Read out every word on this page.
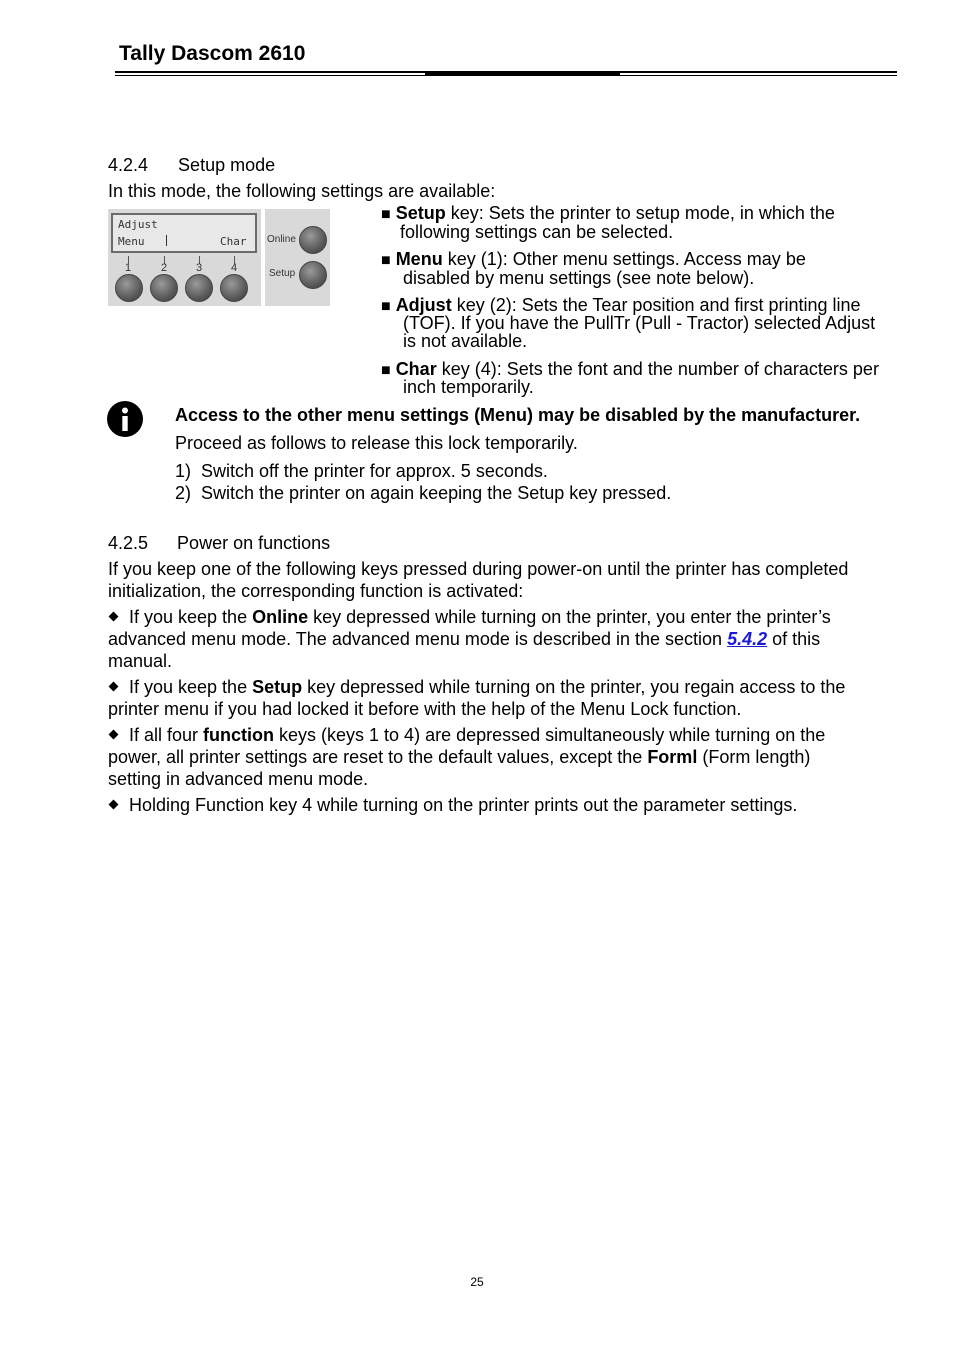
Tally Dascom 2610
4.2.4 Setup mode
In this mode, the following settings are available:
Adjust
Menu	Char
1	2	3	4
Online
Setup
■ Setup key: Sets the printer to setup mode, in which the
following settings can be selected.
■ Menu key (1): Other menu settings. Access may be
disabled by menu settings (see note below).
■ Adjust key (2): Sets the Tear position and first printing line
(TOF). If you have the PullTr (Pull - Tractor) selected Adjust
is not available.
■ Char key (4): Sets the font and the number of characters per
inch temporarily.
Access to the other menu settings (Menu) may be disabled by the manufacturer.
Proceed as follows to release this lock temporarily.
1) Switch off the printer for approx. 5 seconds.
2) Switch the printer on again keeping the Setup key pressed.
4.2.5 Power on functions
If you keep one of the following keys pressed during power-on until the printer has completed
initialization, the corresponding function is activated:
If you keep the Online key depressed while turning on the printer, you enter the printer’s
advanced menu mode. The advanced menu mode is described in the section 5.4.2 of this
manual.
If you keep the Setup key depressed while turning on the printer, you regain access to the
printer menu if you had locked it before with the help of the Menu Lock function.
If all four function keys (keys 1 to 4) are depressed simultaneously while turning on the
power, all printer settings are reset to the default values, except the Forml (Form length)
setting in advanced menu mode.
Holding Function key 4 while turning on the printer prints out the parameter settings.
25
